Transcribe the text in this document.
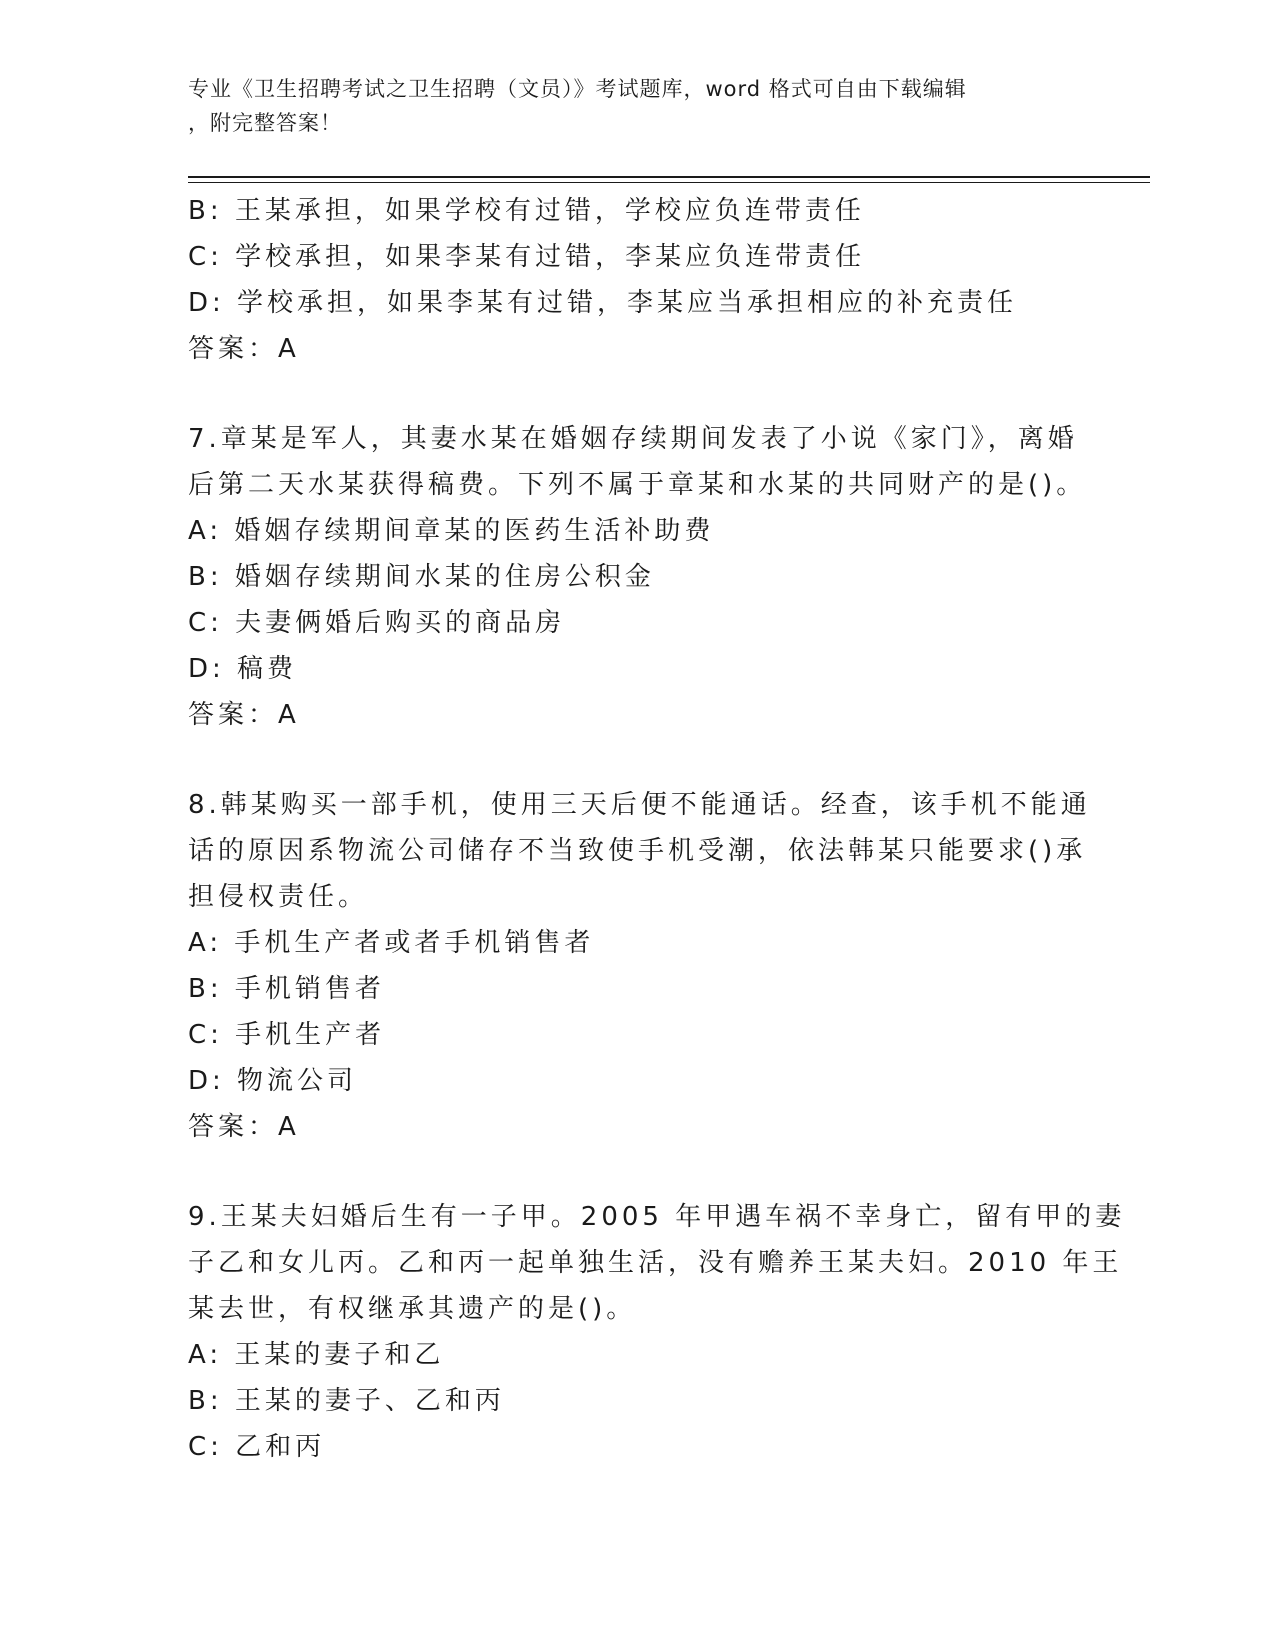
专业《卫生招聘考试之卫生招聘（文员）》考试题库，word 格式可自由下载编辑
，附完整答案！
B: 王某承担，如果学校有过错，学校应负连带责任
C: 学校承担，如果李某有过错，李某应负连带责任
D: 学校承担，如果李某有过错，李某应当承担相应的补充责任
答案：A
7.章某是军人，其妻水某在婚姻存续期间发表了小说《家门》，离婚
后第二天水某获得稿费。下列不属于章某和水某的共同财产的是()。
A: 婚姻存续期间章某的医药生活补助费
B: 婚姻存续期间水某的住房公积金
C: 夫妻俩婚后购买的商品房
D: 稿费
答案：A
8.韩某购买一部手机，使用三天后便不能通话。经查，该手机不能通
话的原因系物流公司储存不当致使手机受潮，依法韩某只能要求()承
担侵权责任。
A: 手机生产者或者手机销售者
B: 手机销售者
C: 手机生产者
D: 物流公司
答案：A
9.王某夫妇婚后生有一子甲。2005 年甲遇车祸不幸身亡，留有甲的妻
子乙和女儿丙。乙和丙一起单独生活，没有赡养王某夫妇。2010 年王
某去世，有权继承其遗产的是()。
A: 王某的妻子和乙
B: 王某的妻子、乙和丙
C: 乙和丙
